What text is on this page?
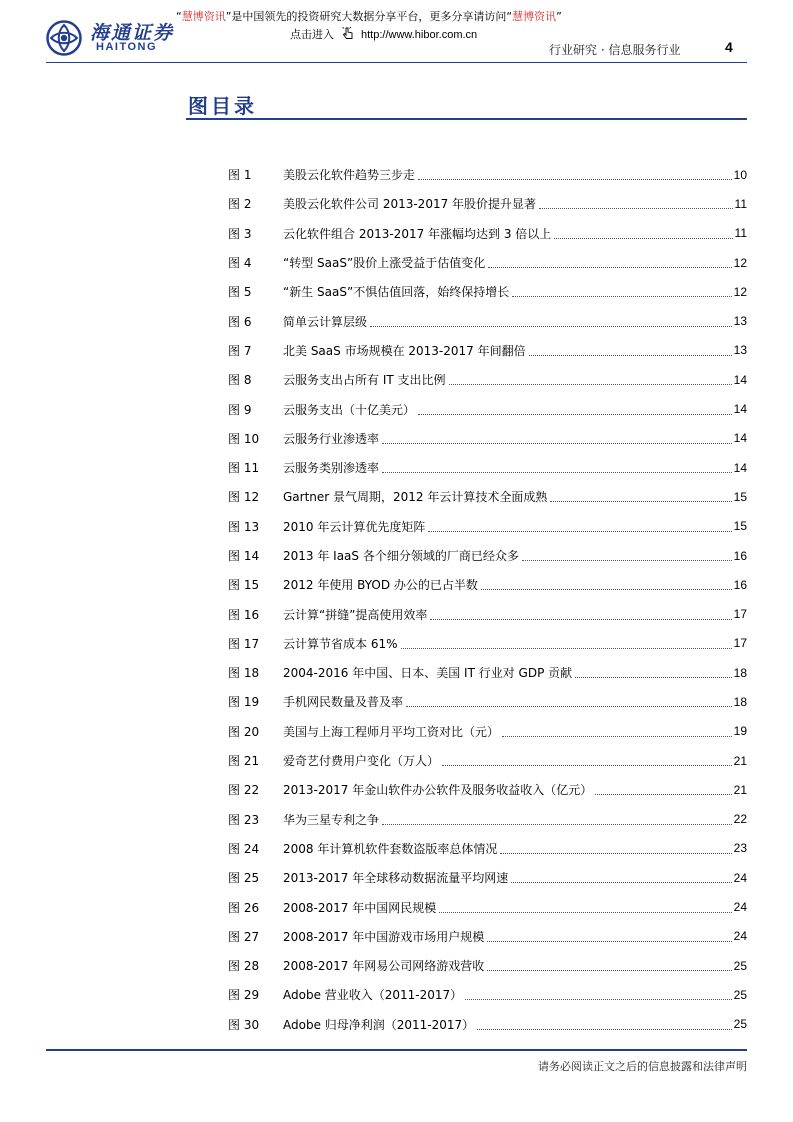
海通证券
HAITONG
“慧博资讯”是中国领先的投资研究大数据分享平台，更多分享请访问“慧博资讯”
点击进入 http://www.hibor.com.cn
行业研究 · 信息服务行业	4
图目录
图 1	美股云化软件趋势三步走	10
图 2	美股云化软件公司 2013-2017 年股价提升显著	11
图 3	云化软件组合 2013-2017 年涨幅均达到 3 倍以上	11
图 4	“转型 SaaS”股价上涨受益于估值变化	12
图 5	“新生 SaaS”不惧估值回落，始终保持增长	12
图 6	简单云计算层级	13
图 7	北美 SaaS 市场规模在 2013-2017 年间翻倍	13
图 8	云服务支出占所有 IT 支出比例	14
图 9	云服务支出（十亿美元）	14
图 10	云服务行业渗透率	14
图 11	云服务类别渗透率	14
图 12	Gartner 景气周期，2012 年云计算技术全面成熟	15
图 13	2010 年云计算优先度矩阵	15
图 14	2013 年 IaaS 各个细分领域的厂商已经众多	16
图 15	2012 年使用 BYOD 办公的已占半数	16
图 16	云计算“拼缝”提高使用效率	17
图 17	云计算节省成本 61%	17
图 18	2004-2016 年中国、日本、美国 IT 行业对 GDP 贡献	18
图 19	手机网民数量及普及率	18
图 20	美国与上海工程师月平均工资对比（元）	19
图 21	爱奇艺付费用户变化（万人）	21
图 22	2013-2017 年金山软件办公软件及服务收益收入（亿元）	21
图 23	华为三星专利之争	22
图 24	2008 年计算机软件套数盗版率总体情况	23
图 25	2013-2017 年全球移动数据流量平均网速	24
图 26	2008-2017 年中国网民规模	24
图 27	2008-2017 年中国游戏市场用户规模	24
图 28	2008-2017 年网易公司网络游戏营收	25
图 29	Adobe 营业收入（2011-2017）	25
图 30	Adobe 归母净利润（2011-2017）	25
请务必阅读正文之后的信息披露和法律声明
